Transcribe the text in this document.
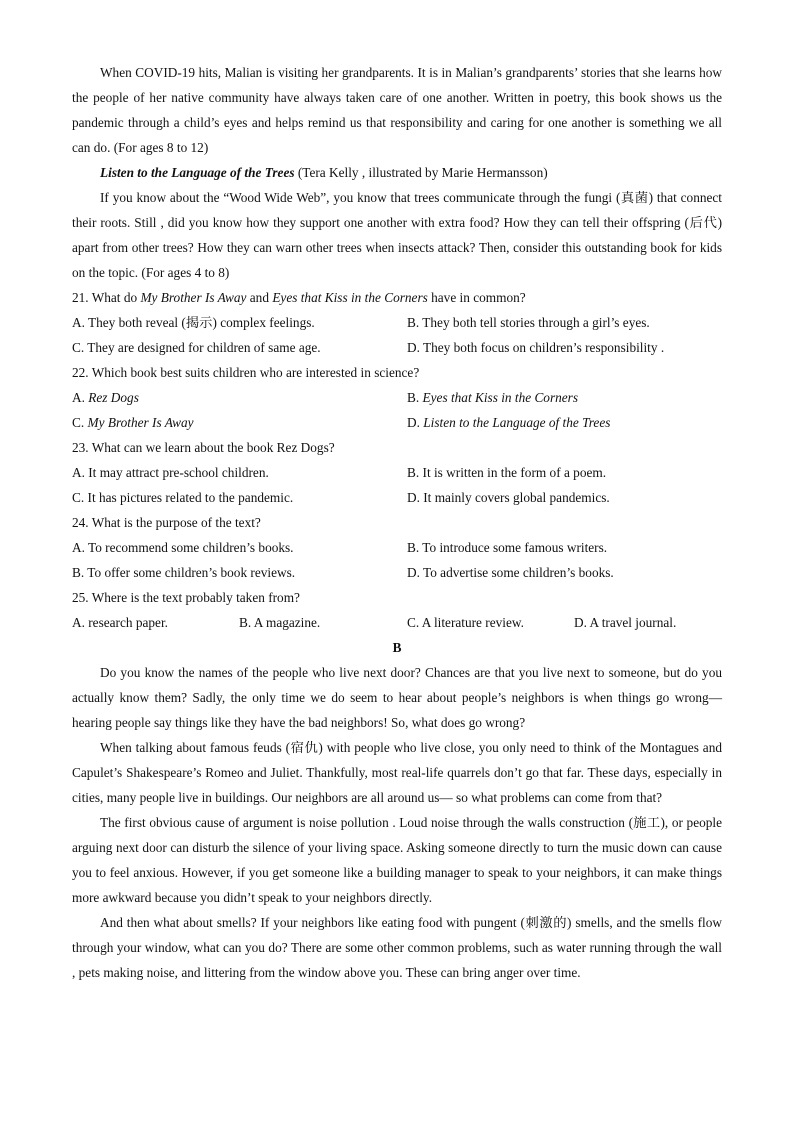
When COVID-19 hits, Malian is visiting her grandparents. It is in Malian’s grandparents’ stories that she learns how the people of her native community have always taken care of one another. Written in poetry, this book shows us the pandemic through a child’s eyes and helps remind us that responsibility and caring for one another is something we all can do. (For ages 8 to 12)

Listen to the Language of the Trees (Tera Kelly , illustrated by Marie Hermansson)

If you know about the “Wood Wide Web”, you know that trees communicate through the fungi (真菌) that connect their roots. Still , did you know how they support one another with extra food? How they can tell their offspring (后代) apart from other trees? How they can warn other trees when insects attack? Then, consider this outstanding book for kids on the topic. (For ages 4 to 8)

21. What do My Brother Is Away and Eyes that Kiss in the Corners have in common?

A. They both reveal (揭示) complex feelings.	B. They both tell stories through a girl’s eyes.
C. They are designed for children of same age.	D. They both focus on children’s responsibility .

22. Which book best suits children who are interested in science?

A. Rez Dogs	B. Eyes that Kiss in the Corners
C. My Brother Is Away	D. Listen to the Language of the Trees

23. What can we learn about the book Rez Dogs?

A. It may attract pre-school children.	B. It is written in the form of a poem.
C. It has pictures related to the pandemic.	D. It mainly covers global pandemics.

24. What is the purpose of the text?

A. To recommend some children’s books.	B. To introduce some famous writers.
B. To offer some children’s book reviews.	D. To advertise some children’s books.

25. Where is the text probably taken from?

A. research paper.	B. A magazine.	C. A literature review.	D. A travel journal.

B

Do you know the names of the people who live next door? Chances are that you live next to someone, but do you actually know them? Sadly, the only time we do seem to hear about people’s neighbors is when things go wrong— hearing people say things like they have the bad neighbors! So, what does go wrong?

When talking about famous feuds (宿仇) with people who live close, you only need to think of the Montagues and Capulet’s Shakespeare’s Romeo and Juliet. Thankfully, most real-life quarrels don’t go that far. These days, especially in cities, many people live in buildings. Our neighbors are all around us— so what problems can come from that?

The first obvious cause of argument is noise pollution . Loud noise through the walls construction (施工), or people arguing next door can disturb the silence of your living space. Asking someone directly to turn the music down can cause you to feel anxious. However, if you get someone like a building manager to speak to your neighbors, it can make things more awkward because you didn’t speak to your neighbors directly.

And then what about smells? If your neighbors like eating food with pungent (刺激的) smells, and the smells flow through your window, what can you do? There are some other common problems, such as water running through the wall , pets making noise, and littering from the window above you. These can bring anger over time.
